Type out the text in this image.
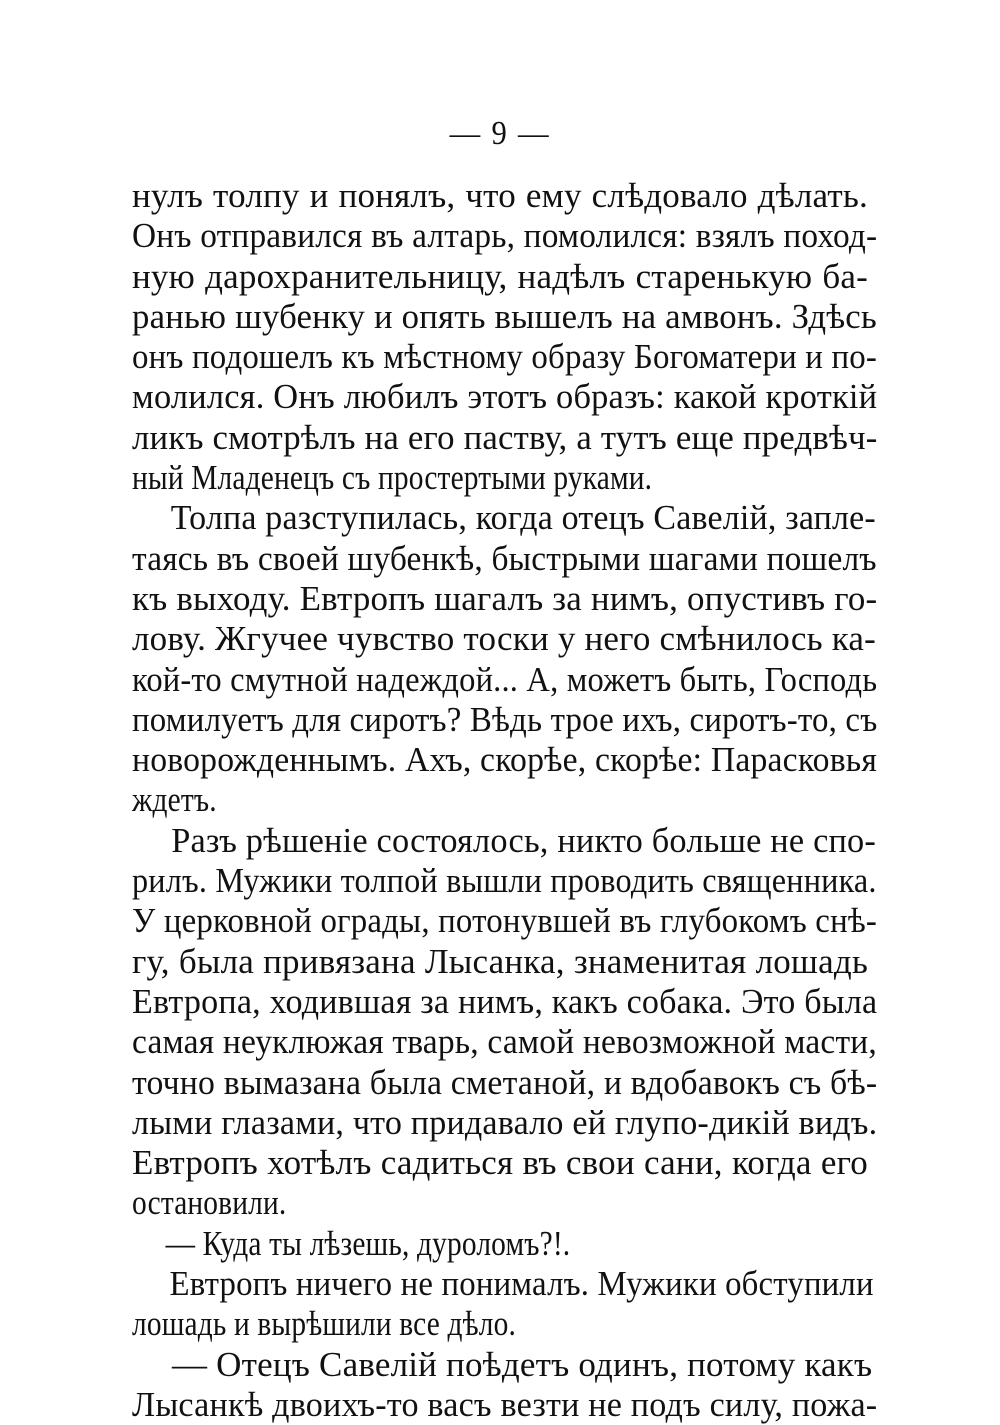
— 9 —
нулъ толпу и понялъ, что ему слѣдовало дѣлать.
Онъ отправился въ алтарь, помолился: взялъ поход-
ную дарохранительницу, надѣлъ старенькую ба-
ранью шубенку и опять вышелъ на амвонъ. Здѣсь
онъ подошелъ къ мѣстному образу Богоматери и по-
молился. Онъ любилъ этотъ образъ: какой кроткій
ликъ смотрѣлъ на его паству, а тутъ еще предвѣч-
ный Младенецъ съ простертыми руками.
Толпа разступилась, когда отецъ Савелій, запле-
таясь въ своей шубенкѣ, быстрыми шагами пошелъ
къ выходу. Евтропъ шагалъ за нимъ, опустивъ го-
лову. Жгучее чувство тоски у него смѣнилось ка-
кой-то смутной надеждой... А, можетъ быть, Господь
помилуетъ для сиротъ? Вѣдь трое ихъ, сиротъ-то, съ
новорожденнымъ. Ахъ, скорѣе, скорѣе: Парасковья
ждетъ.
Разъ рѣшеніе состоялось, никто больше не спо-
рилъ. Мужики толпой вышли проводить священника.
У церковной ограды, потонувшей въ глубокомъ снѣ-
гу, была привязана Лысанка, знаменитая лошадь
Евтропа, ходившая за нимъ, какъ собака. Это была
самая неуклюжая тварь, самой невозможной масти,
точно вымазана была сметаной, и вдобавокъ съ бѣ-
лыми глазами, что придавало ей глупо-дикій видъ.
Евтропъ хотѣлъ садиться въ свои сани, когда его
остановили.
— Куда ты лѣзешь, дуроломъ?!.
Евтропъ ничего не понималъ. Мужики обступили
лошадь и вырѣшили все дѣло.
— Отецъ Савелій поѣдетъ одинъ, потому какъ
Лысанкѣ двоихъ-то васъ везти не подъ силу, пожа-
